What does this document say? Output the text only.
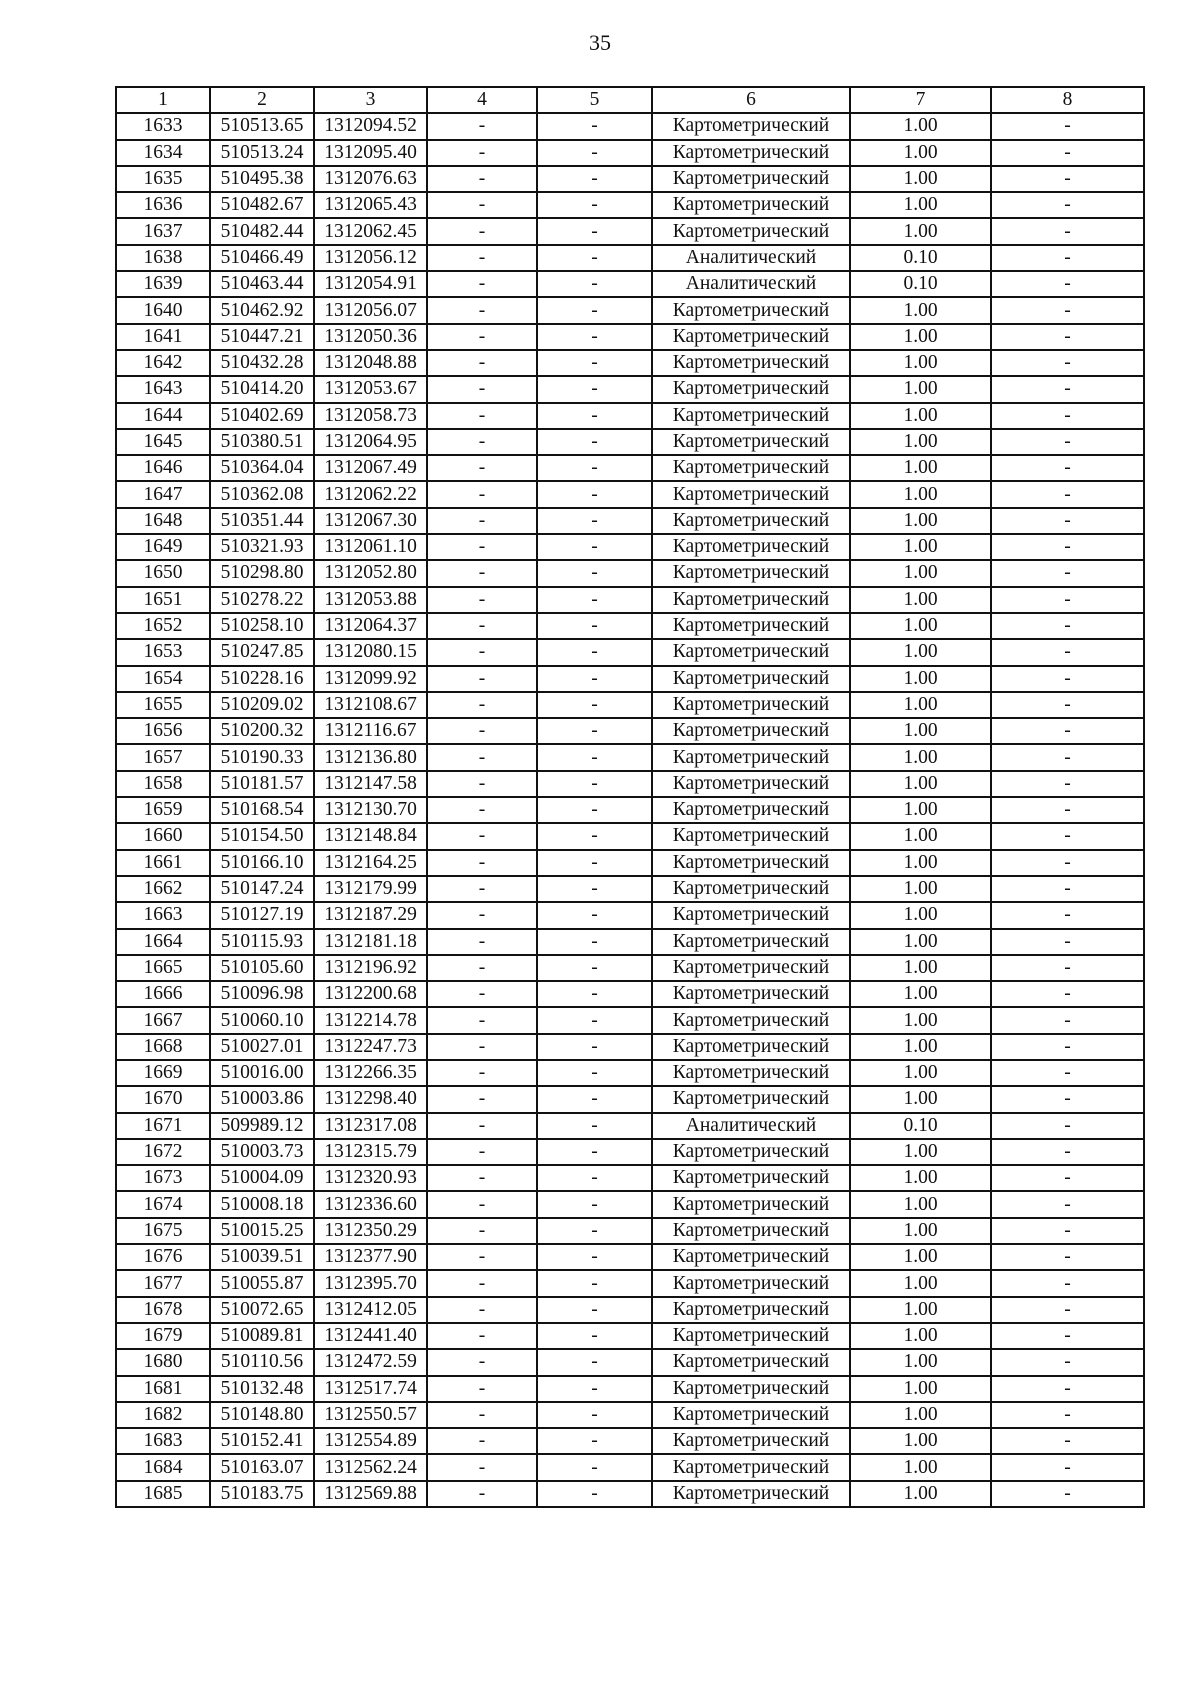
35
1	2	3	4	5	6	7	8
1633	510513.65	1312094.52	-	-	Картометрический	1.00	-
1634	510513.24	1312095.40	-	-	Картометрический	1.00	-
1635	510495.38	1312076.63	-	-	Картометрический	1.00	-
1636	510482.67	1312065.43	-	-	Картометрический	1.00	-
1637	510482.44	1312062.45	-	-	Картометрический	1.00	-
1638	510466.49	1312056.12	-	-	Аналитический	0.10	-
1639	510463.44	1312054.91	-	-	Аналитический	0.10	-
1640	510462.92	1312056.07	-	-	Картометрический	1.00	-
1641	510447.21	1312050.36	-	-	Картометрический	1.00	-
1642	510432.28	1312048.88	-	-	Картометрический	1.00	-
1643	510414.20	1312053.67	-	-	Картометрический	1.00	-
1644	510402.69	1312058.73	-	-	Картометрический	1.00	-
1645	510380.51	1312064.95	-	-	Картометрический	1.00	-
1646	510364.04	1312067.49	-	-	Картометрический	1.00	-
1647	510362.08	1312062.22	-	-	Картометрический	1.00	-
1648	510351.44	1312067.30	-	-	Картометрический	1.00	-
1649	510321.93	1312061.10	-	-	Картометрический	1.00	-
1650	510298.80	1312052.80	-	-	Картометрический	1.00	-
1651	510278.22	1312053.88	-	-	Картометрический	1.00	-
1652	510258.10	1312064.37	-	-	Картометрический	1.00	-
1653	510247.85	1312080.15	-	-	Картометрический	1.00	-
1654	510228.16	1312099.92	-	-	Картометрический	1.00	-
1655	510209.02	1312108.67	-	-	Картометрический	1.00	-
1656	510200.32	1312116.67	-	-	Картометрический	1.00	-
1657	510190.33	1312136.80	-	-	Картометрический	1.00	-
1658	510181.57	1312147.58	-	-	Картометрический	1.00	-
1659	510168.54	1312130.70	-	-	Картометрический	1.00	-
1660	510154.50	1312148.84	-	-	Картометрический	1.00	-
1661	510166.10	1312164.25	-	-	Картометрический	1.00	-
1662	510147.24	1312179.99	-	-	Картометрический	1.00	-
1663	510127.19	1312187.29	-	-	Картометрический	1.00	-
1664	510115.93	1312181.18	-	-	Картометрический	1.00	-
1665	510105.60	1312196.92	-	-	Картометрический	1.00	-
1666	510096.98	1312200.68	-	-	Картометрический	1.00	-
1667	510060.10	1312214.78	-	-	Картометрический	1.00	-
1668	510027.01	1312247.73	-	-	Картометрический	1.00	-
1669	510016.00	1312266.35	-	-	Картометрический	1.00	-
1670	510003.86	1312298.40	-	-	Картометрический	1.00	-
1671	509989.12	1312317.08	-	-	Аналитический	0.10	-
1672	510003.73	1312315.79	-	-	Картометрический	1.00	-
1673	510004.09	1312320.93	-	-	Картометрический	1.00	-
1674	510008.18	1312336.60	-	-	Картометрический	1.00	-
1675	510015.25	1312350.29	-	-	Картометрический	1.00	-
1676	510039.51	1312377.90	-	-	Картометрический	1.00	-
1677	510055.87	1312395.70	-	-	Картометрический	1.00	-
1678	510072.65	1312412.05	-	-	Картометрический	1.00	-
1679	510089.81	1312441.40	-	-	Картометрический	1.00	-
1680	510110.56	1312472.59	-	-	Картометрический	1.00	-
1681	510132.48	1312517.74	-	-	Картометрический	1.00	-
1682	510148.80	1312550.57	-	-	Картометрический	1.00	-
1683	510152.41	1312554.89	-	-	Картометрический	1.00	-
1684	510163.07	1312562.24	-	-	Картометрический	1.00	-
1685	510183.75	1312569.88	-	-	Картометрический	1.00	-
